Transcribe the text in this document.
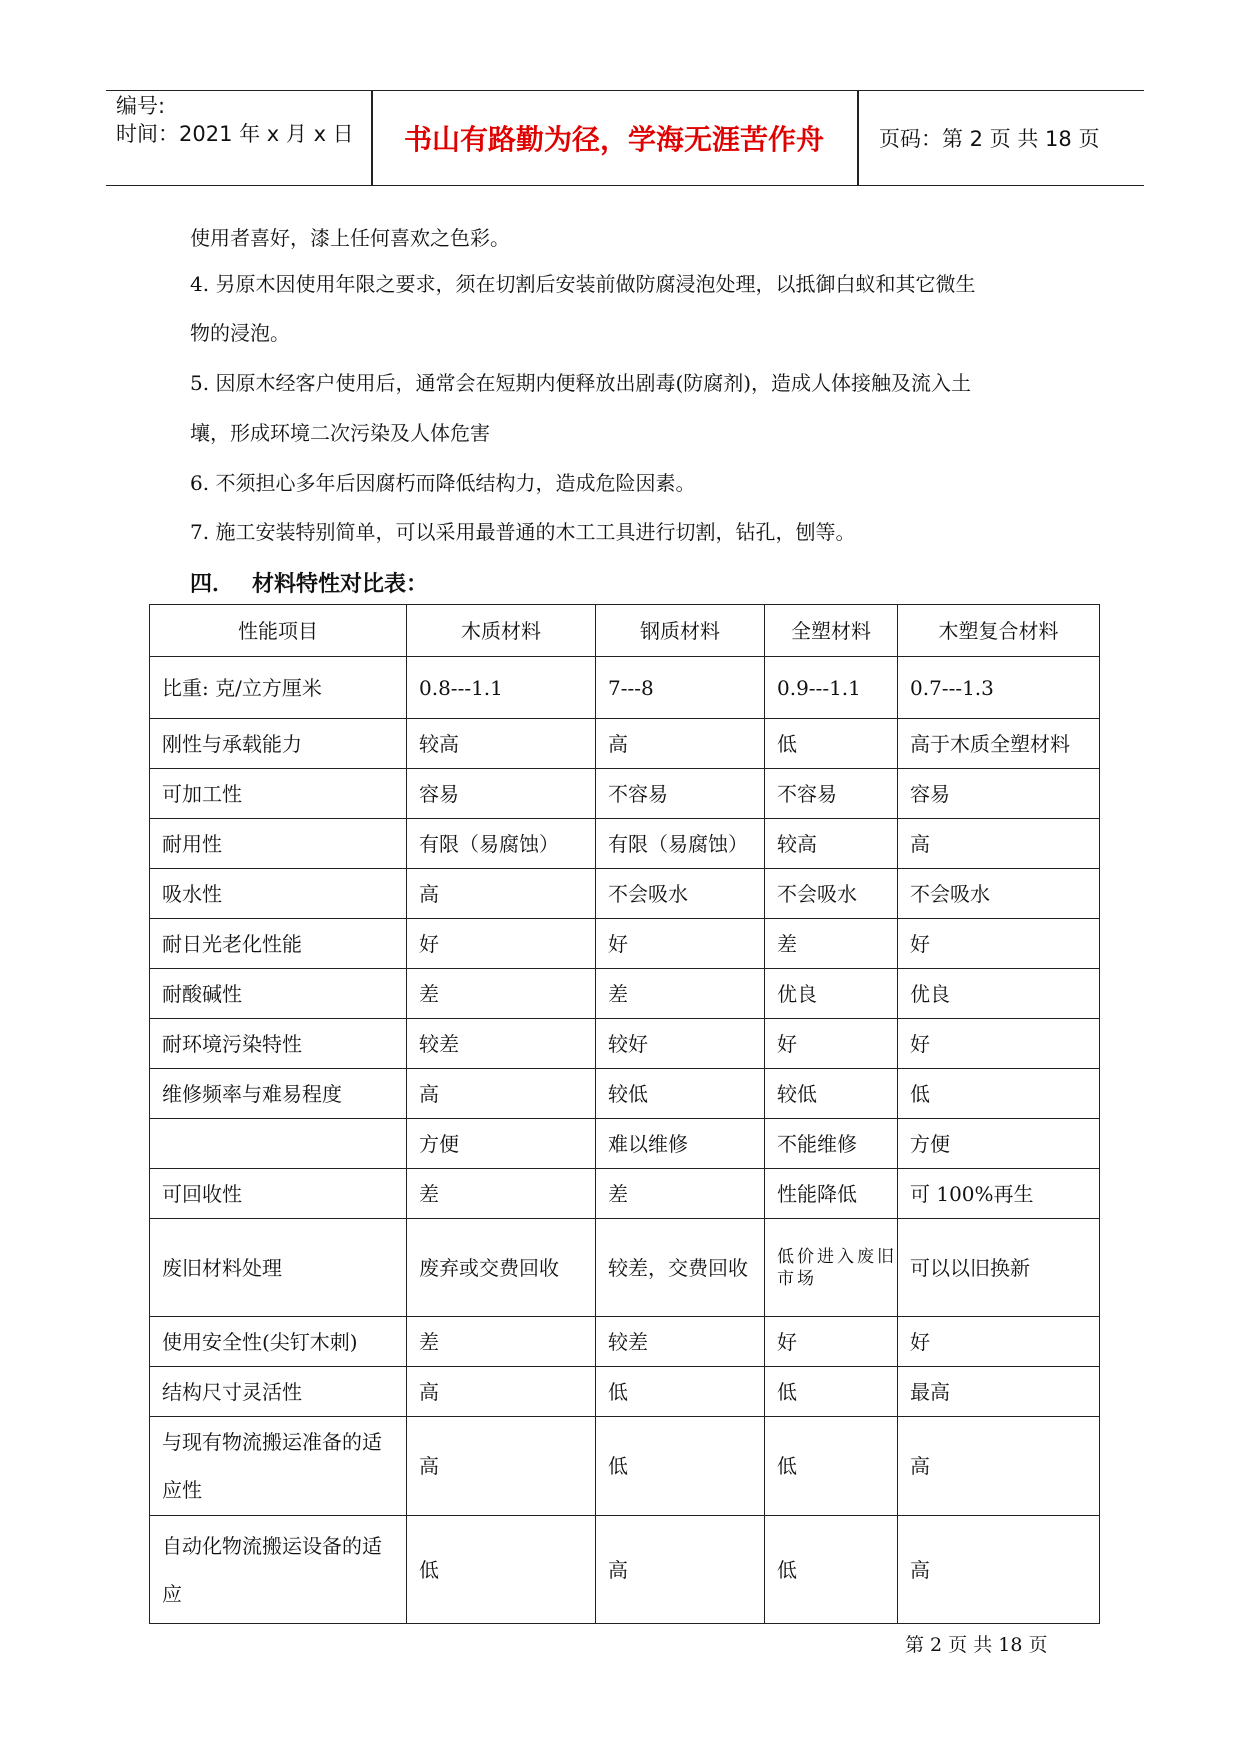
编号:
时间：2021 年 x 月 x 日	书山有路勤为径，学海无涯苦作舟	页码：第 2 页 共 18 页
使用者喜好，漆上任何喜欢之色彩。
4. 另原木因使用年限之要求，须在切割后安装前做防腐浸泡处理，以抵御白蚁和其它微生
物的浸泡。
5. 因原木经客户使用后，通常会在短期内便释放出剧毒(防腐剂)，造成人体接触及流入土
壤，形成环境二次污染及人体危害
6. 不须担心多年后因腐朽而降低结构力，造成危险因素。
7. 施工安装特别简单，可以采用最普通的木工工具进行切割，钻孔，刨等。
四． 材料特性对比表：
性能项目	木质材料	钢质材料	全塑材料	木塑复合材料
比重: 克/立方厘米	0.8---1.1	7---8	0.9---1.1	0.7---1.3
刚性与承载能力	较高	高	低	高于木质全塑材料
可加工性	容易	不容易	不容易	容易
耐用性	有限（易腐蚀）	有限（易腐蚀）	较高	高
吸水性	高	不会吸水	不会吸水	不会吸水
耐日光老化性能	好	好	差	好
耐酸碱性	差	差	优良	优良
耐环境污染特性	较差	较好	好	好
维修频率与难易程度	高	较低	较低	低
	方便	难以维修	不能维修	方便
可回收性	差	差	性能降低	可 100%再生
废旧材料处理	废弃或交费回收	较差，交费回收	低价进入废旧市场	可以以旧换新
使用安全性(尖钉木刺)	差	较差	好	好
结构尺寸灵活性	高	低	低	最高
与现有物流搬运准备的适应性	高	低	低	高
自动化物流搬运设备的适应	低	高	低	高
第 2 页 共 18 页
